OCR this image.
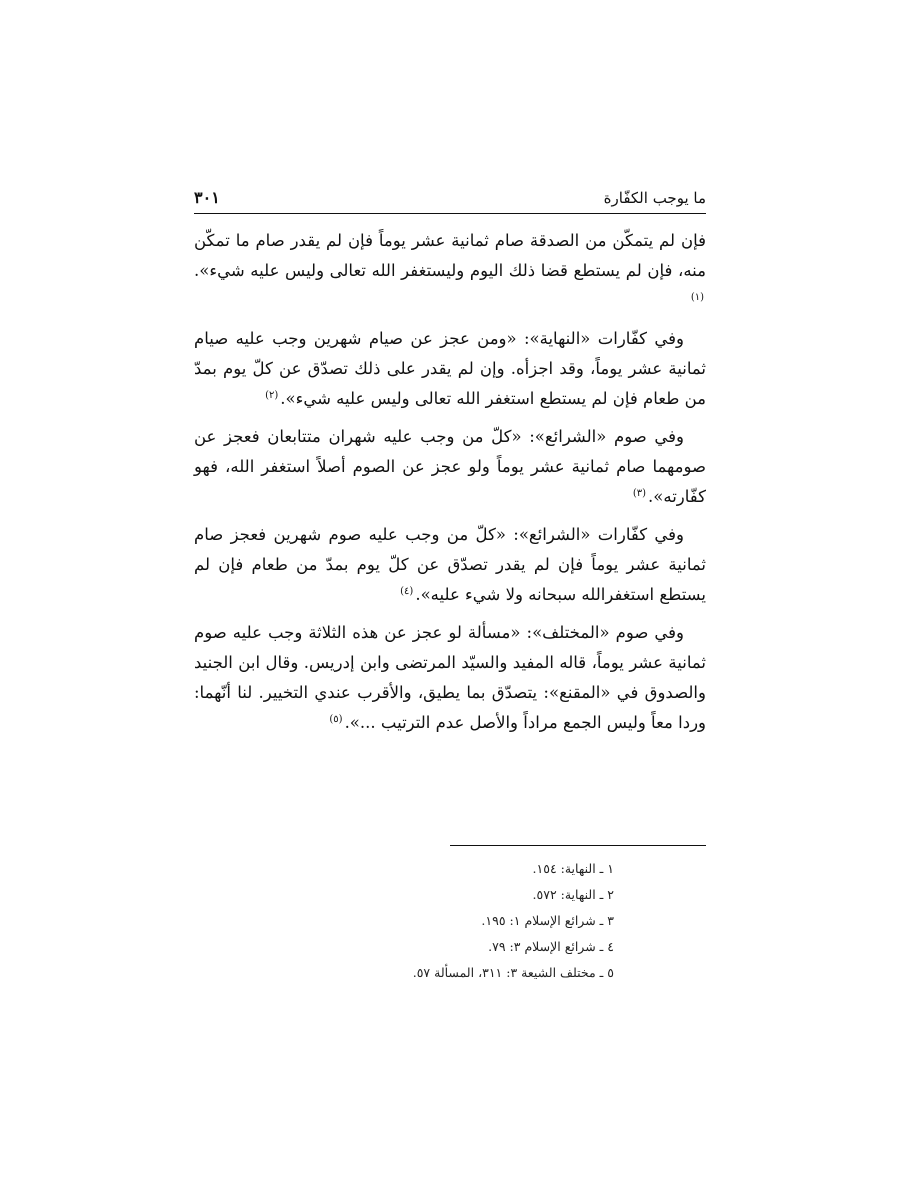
ما يوجب الكفّارة
٣٠١

فإن لم يتمكّن من الصدقة صام ثمانية عشر يوماً فإن لم يقدر صام ما تمكّن منه، فإن لم يستطع قضا ذلك اليوم وليستغفر الله تعالى وليس عليه شيء».$^{(١)}$

وفي كفّارات «النهاية»: «ومن عجز عن صيام شهرين وجب عليه صيام ثمانية عشر يوماً، وقد اجزأه. وإن لم يقدر على ذلك تصدّق عن كلّ يوم بمدّ من طعام فإن لم يستطع استغفر الله تعالى وليس عليه شيء».$^{(٢)}$

وفي صوم «الشرائع»: «كلّ من وجب عليه شهران متتابعان فعجز عن صومهما صام ثمانية عشر يوماً ولو عجز عن الصوم أصلاً استغفر الله، فهو كفّارته».$^{(٣)}$

وفي كفّارات «الشرائع»: «كلّ من وجب عليه صوم شهرين فعجز صام ثمانية عشر يوماً فإن لم يقدر تصدّق عن كلّ يوم بمدّ من طعام فإن لم يستطع استغفرالله سبحانه ولا شيء عليه».$^{(٤)}$

وفي صوم «المختلف»: «مسألة لو عجز عن هذه الثلاثة وجب عليه صوم ثمانية عشر يوماً، قاله المفيد والسيّد المرتضى وابن إدريس. وقال ابن الجنيد والصدوق في «المقنع»: يتصدّق بما يطيق، والأقرب عندي التخيير. لنا أنّهما: وردا معاً وليس الجمع مراداً والأصل عدم الترتيب ...».$^{(٥)}$

١ ـ النهاية: ١٥٤.
٢ ـ النهاية: ٥٧٢.
٣ ـ شرائع الإسلام ١: ١٩٥.
٤ ـ شرائع الإسلام ٣: ٧٩.
٥ ـ مختلف الشيعة ٣: ٣١١، المسألة ٥٧.
